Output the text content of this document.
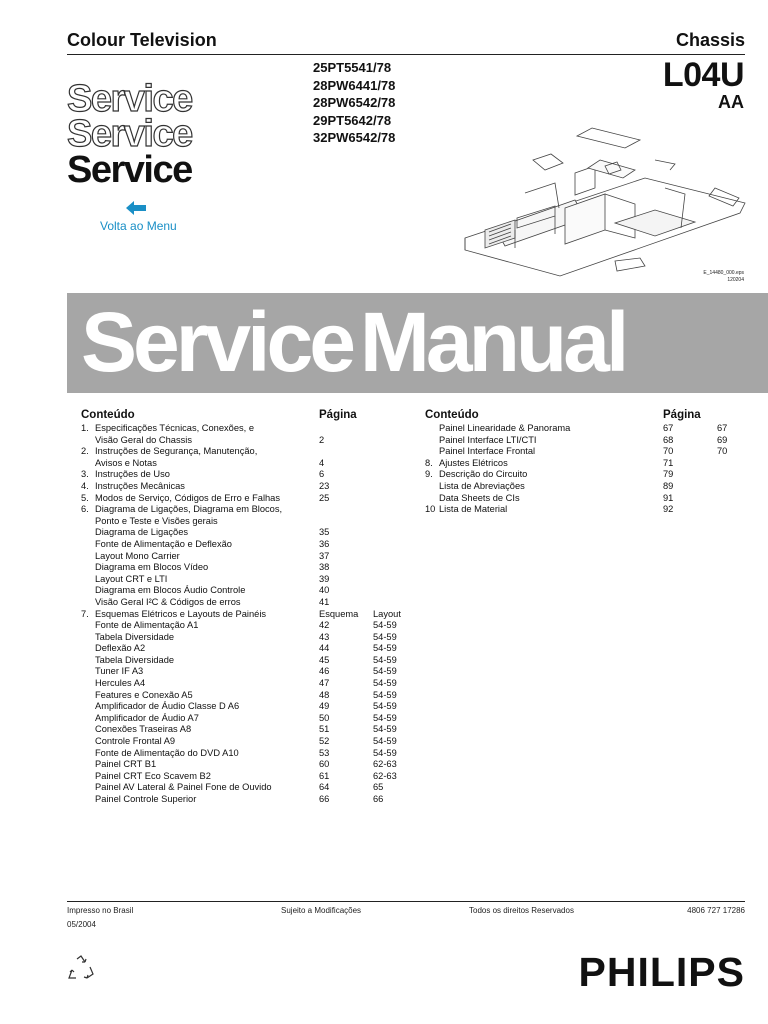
Colour Television	Chassis
25PT5541/78
28PW6441/78
28PW6542/78
29PT5642/78
32PW6542/78
L04U
AA
Service
Service
Service
Volta ao Menu
E_14480_000.eps
120204
ServiceManual
Conteúdo	Página	Conteúdo	Página
1. Especificações Técnicas, Conexões, e
Visão Geral do Chassis	2
2. Instruções de Segurança, Manutenção,
Avisos e Notas	4
3. Instruções de Uso	6
4. Instruções Mecânicas	23
5. Modos de Serviço, Códigos de Erro e Falhas	25
6. Diagrama de Ligações, Diagrama em Blocos,
Ponto e Teste e Visões gerais
Diagrama de Ligações	35
Fonte de Alimentação e Deflexão	36
Layout Mono Carrier	37
Diagrama em Blocos Vídeo	38
Layout CRT e LTI	39
Diagrama em Blocos Áudio Controle	40
Visão Geral I²C & Códigos de erros	41
7. Esquemas Elétricos e Layouts de Painéis	Esquema Layout
Fonte de Alimentação A1	42	54-59
Tabela Diversidade	43	54-59
Deflexão A2	44	54-59
Tabela Diversidade	45	54-59
Tuner IF A3	46	54-59
Hercules A4	47	54-59
Features e Conexão A5	48	54-59
Amplificador de Áudio Classe D A6	49	54-59
Amplificador de Áudio A7	50	54-59
Conexões Traseiras A8	51	54-59
Controle Frontal A9	52	54-59
Fonte de Alimentação do DVD A10	53	54-59
Painel CRT B1	60	62-63
Painel CRT Eco Scavem B2	61	62-63
Painel AV Lateral & Painel Fone de Ouvido	64	65
Painel Controle Superior	66	66
Painel Linearidade & Panorama	67	67
Painel Interface LTI/CTI	68	69
Painel Interface Frontal	70	70
8. Ajustes Elétricos	71
9. Descrição do Circuito	79
Lista de Abreviações	89
Data Sheets de CIs	91
10 Lista de Material	92
Impresso no Brasil	Sujeito a Modificações	Todos os direitos Reservados	4806 727 17286
05/2004
PHILIPS
